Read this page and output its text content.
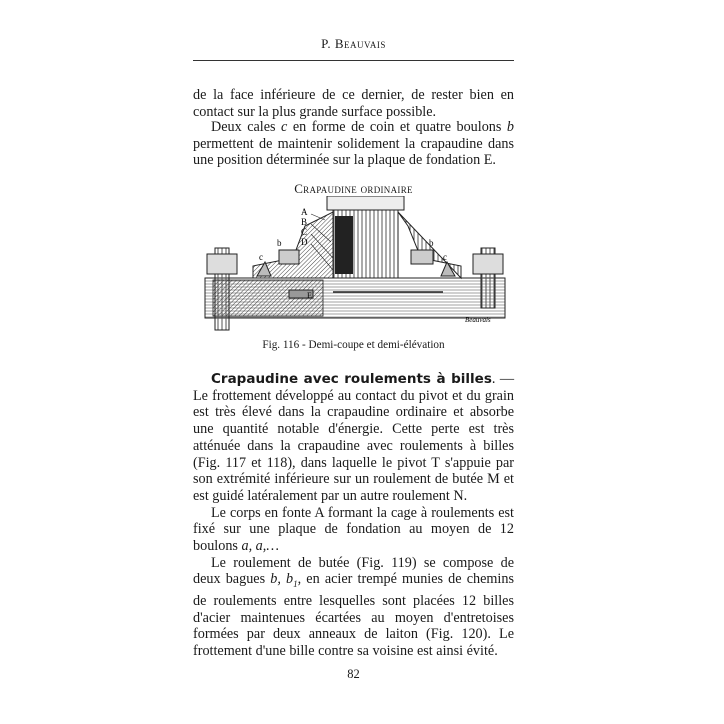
P. Beauvais

de la face inférieure de ce dernier, de rester bien en contact sur la plus grande surface possible.

Deux cales c en forme de coin et quatre boulons b permettent de maintenir solidement la crapaudine dans une position déterminée sur la plaque de fondation E.

Crapaudine ordinaire
A
B
C
D
b	b
c	c
E
Beauvais
Fig. 116 - Demi-coupe et demi-élévation

Crapaudine avec roulements à billes. — Le frottement développé au contact du pivot et du grain est très élevé dans la crapaudine ordinaire et absorbe une quantité notable d'énergie. Cette perte est très atténuée dans la crapaudine avec roulements à billes (Fig. 117 et 118), dans laquelle le pivot T s'appuie par son extrémité inférieure sur un roulement de butée M et est guidé latéralement par un autre roulement N.

Le corps en fonte A formant la cage à roulements est fixé sur une plaque de fondation au moyen de 12 boulons a, a,…

Le roulement de butée (Fig. 119) se compose de deux bagues b, $b_1$, en acier trempé munies de chemins de roulements entre lesquelles sont placées 12 billes d'acier maintenues écartées au moyen d'entretoises formées par deux anneaux de laiton (Fig. 120). Le frottement d'une bille contre sa voisine est ainsi évité.

82
